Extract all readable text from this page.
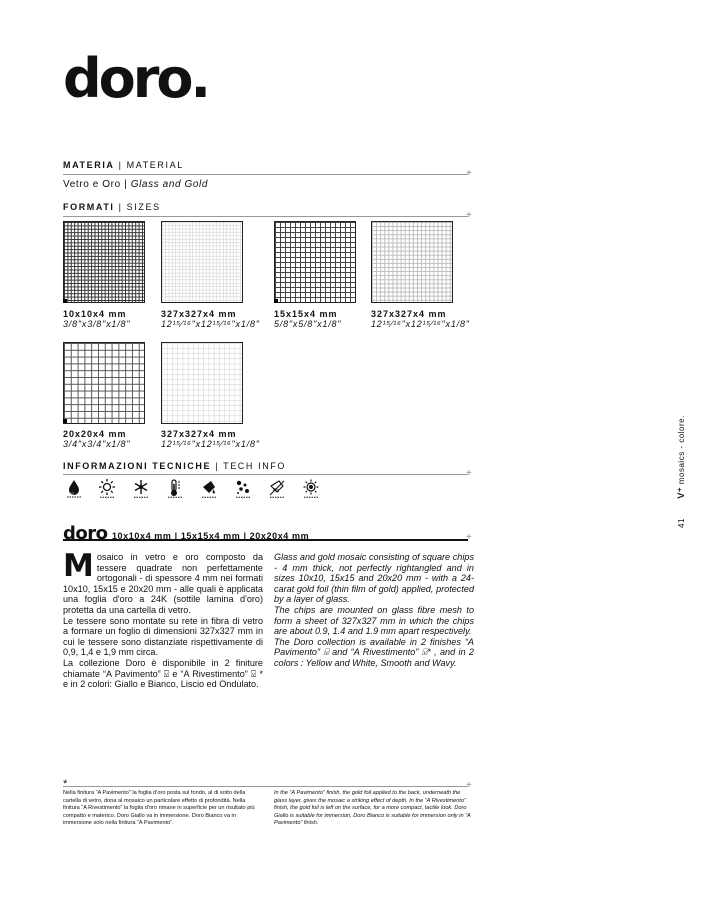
doro.
MATERIA | MATERIAL
+
Vetro e Oro | Glass and Gold
FORMATI | SIZES
+
10x10x4 mm
3/8"x3/8"x1/8"
327x327x4 mm
12¹⁵⁄¹⁶"x12¹⁵⁄¹⁶"x1/8"
15x15x4 mm
5/8"x5/8"x1/8"
327x327x4 mm
12¹⁵⁄¹⁶"x12¹⁵⁄¹⁶"x1/8"
20x20x4 mm
3/4"x3/4"x1/8"
327x327x4 mm
12¹⁵⁄¹⁶"x12¹⁵⁄¹⁶"x1/8"
INFORMAZIONI TECNICHE | TECH INFO
+
H₂O	Pb
doro 10x10x4 mm | 15x15x4 mm | 20x20x4 mm	+
Mosaico in vetro e oro composto da tessere quadrate non perfettamente ortogonali - di spessore 4 mm nei formati 10x10, 15x15 e 20x20 mm - alle quali è applicata una foglia d'oro a 24K (sottile lamina d'oro) protetta da una cartella di vetro.
Le tessere sono montate su rete in fibra di vetro a formare un foglio di dimensioni 327x327 mm in cui le tessere sono distanziate rispettivamente di 0,9, 1,4 e 1,9 mm circa.
La collezione Doro è disponibile in 2 finiture chiamate “A Pavimento” ⍌ e “A Rivestimento” ⍌ * e in 2 colori: Giallo e Bianco, Liscio ed Ondulato.
Glass and gold mosaic consisting of square chips - 4 mm thick, not perfectly rightangled and in sizes 10x10, 15x15 and 20x20 mm - with a 24-carat gold foil (thin film of gold) applied, protected by a layer of glass.
The chips are mounted on glass fibre mesh to form a sheet of 327x327 mm in which the chips are about 0.9, 1.4 and 1.9 mm apart respectively.
The Doro collection is available in 2 finishes “A Pavimento” ⍌ and “A Rivestimento” ⍌* , and in 2 colors : Yellow and White, Smooth and Wavy.
*	+
Nella finitura “A Pavimento” la foglia d'oro posta sul fondo, al di sotto della cartella di vetro, dona al mosaico un particolare effetto di profondità. Nella finitura “A Rivestimento” la foglia d'oro rimane in superficie per un risultato più compatto e materico. Doro Giallo va in immersione. Doro Bianco va in immersione solo nella finitura “A Pavimento”.
In the “A Pavimento” finish, the gold foil applied to the back, underneath the glass layer, gives the mosaic a striking effect of depth. In the “A Rivestimento” finish, the gold foil is left on the surface, for a more compact, tactile look. Doro Giallo is suitable for immersion. Doro Bianco is suitable for immersion only in “A Pavimento” finish.
41  V⁺ mosaics - colore.
